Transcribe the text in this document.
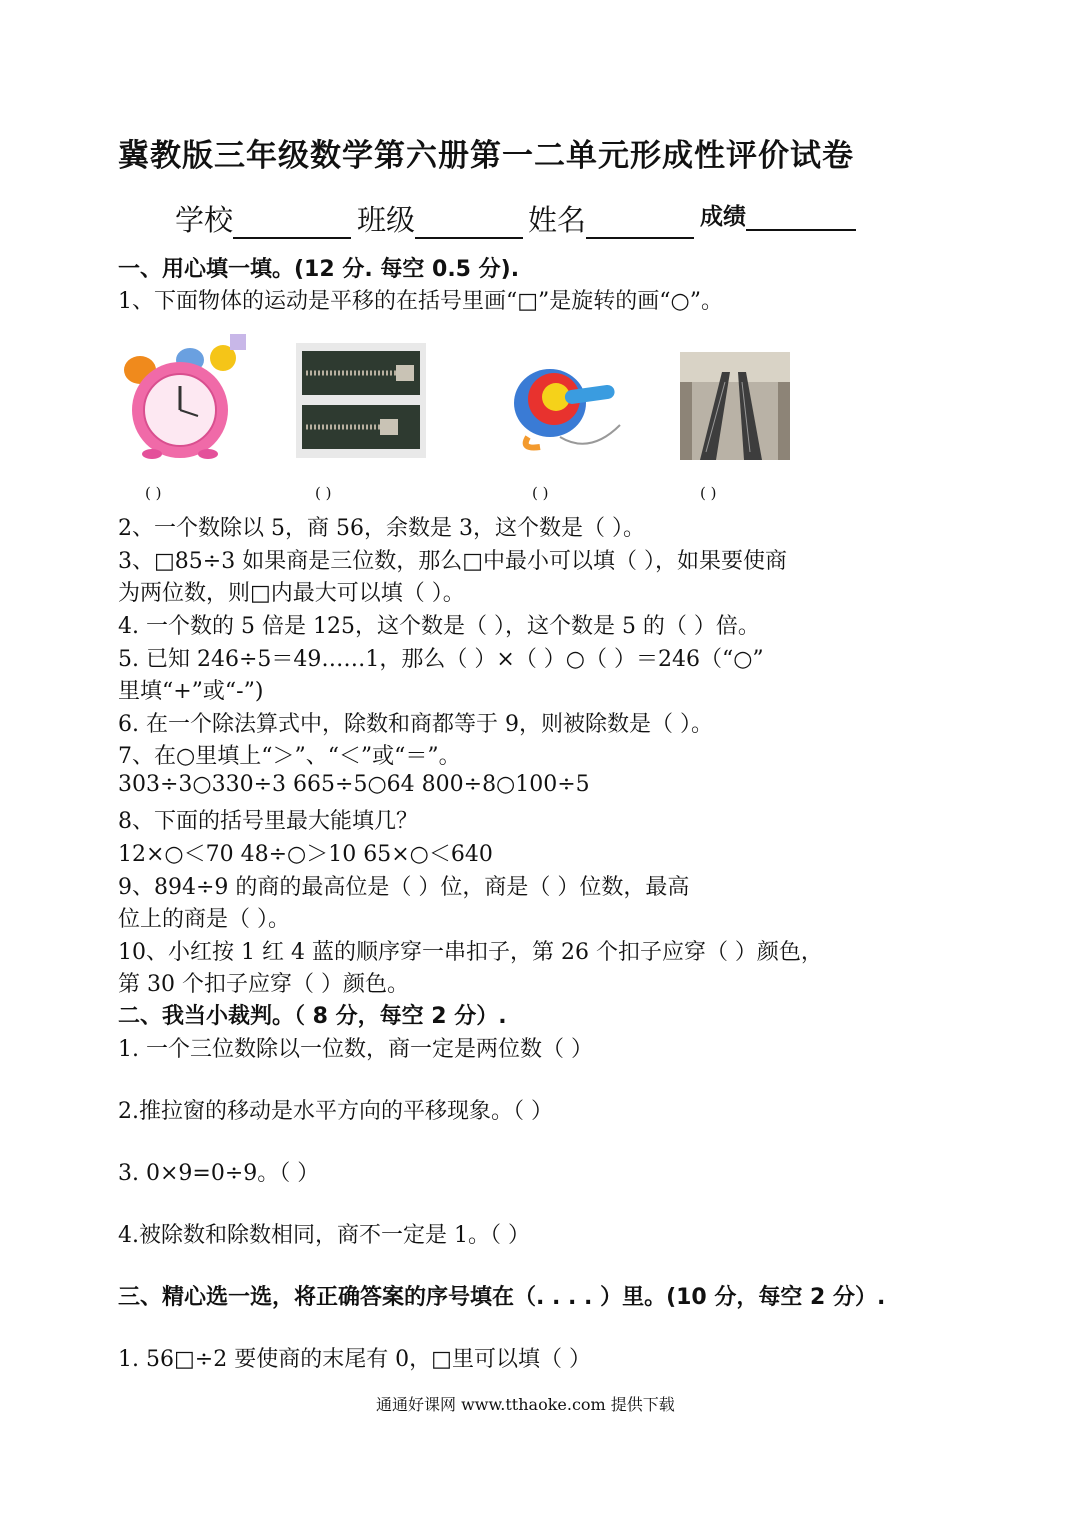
冀教版三年级数学第六册第一二单元形成性评价试卷
学校	班级	姓名	成绩
一、用心填一填。(12 分. 每空 0.5 分).
1、下面物体的运动是平移的在括号里画“□”是旋转的画“○”。
( )	( )	( )	( )
2、一个数除以 5，商 56，余数是 3，这个数是（ ）。
3、□85÷3 如果商是三位数，那么□中最小可以填（ ），如果要使商
为两位数，则□内最大可以填（ ）。
4. 一个数的 5 倍是 125，这个数是（ ），这个数是 5 的（ ）倍。
5. 已知 246÷5＝49……1，那么（ ）×（ ）○（ ）＝246（“○”
里填“+”或“-”)
6. 在一个除法算式中，除数和商都等于 9，则被除数是（ ）。
7、在○里填上“＞”、“＜”或“＝”。
303÷3○330÷3 665÷5○64 800÷8○100÷5
8、下面的括号里最大能填几？
12×○＜70 48÷○＞10 65×○＜640
9、894÷9 的商的最高位是（ ）位，商是（ ）位数，最高
位上的商是（ ）。
10、小红按 1 红 4 蓝的顺序穿一串扣子，第 26 个扣子应穿（ ）颜色，
第 30 个扣子应穿（ ）颜色。
二、我当小裁判。（ 8 分，每空 2 分）.
1. 一个三位数除以一位数，商一定是两位数（ ）
2.推拉窗的移动是水平方向的平移现象。（ ）
3. 0×9=0÷9。（ ）
4.被除数和除数相同，商不一定是 1。（ ）
三、精心选一选，将正确答案的序号填在（. . . . ）里。(10 分，每空 2 分）.
1. 56□÷2 要使商的末尾有 0，□里可以填（ ）
通通好课网 www.tthaoke.com 提供下载
